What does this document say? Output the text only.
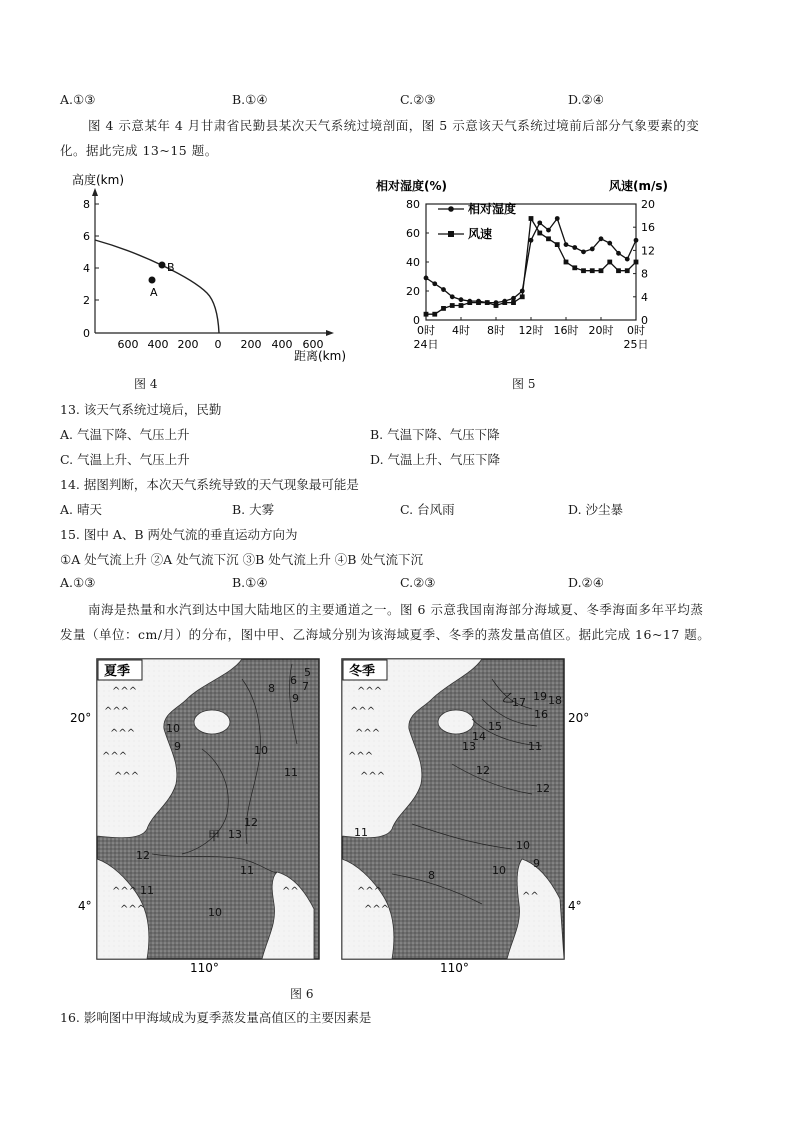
A.①③	B.①④	C.②③	D.②④
图 4 示意某年 4 月甘肃省民勤县某次天气系统过境剖面，图 5 示意该天气系统过境前后部分气象要素的变
化。据此完成 13~15 题。
高度(km)
8
6
4
2
0
600 400 200 0 200 400 600
距离(km)
A
B
图 4
相对湿度(%)	风速(m/s)
80
60
40
20
0
20
16
12
8
4
0
0时
24日
4时 8时 12时 16时 20时 0时
25日
相对湿度
风速
图 5
13. 该天气系统过境后，民勤
A. 气温下降、气压上升	B. 气温下降、气压下降
C. 气温上升、气压上升	D. 气温上升、气压下降
14. 据图判断，本次天气系统导致的天气现象最可能是
A. 晴天	B. 大雾	C. 台风雨	D. 沙尘暴
15. 图中 A、B 两处气流的垂直运动方向为
①A 处气流上升 ②A 处气流下沉 ③B 处气流上升 ④B 处气流下沉
A.①③	B.①④	C.②③	D.②④
南海是热量和水汽到达中国大陆地区的主要通道之一。图 6 示意我国南海部分海域夏、冬季海面多年平均蒸
发量（单位：cm/月）的分布，图中甲、乙海域分别为该海域夏季、冬季的蒸发量高值区。据此完成 16~17 题。
^^^
^^^
^^^
^^^
^^^
^^
^^^
^^^
夏季	5
6 7
8
9
10
9	10
11
12
13
12
11
11
10
甲
20°
4°
110°
^^^
^^^
^^^
^^^
^^^
^^
^^^
^^^
冬季
19 18
17
16
15
14
13
12
11
12
11
10
10
9
8
乙
20°
4°
110°
图 6
16. 影响图中甲海域成为夏季蒸发量高值区的主要因素是
